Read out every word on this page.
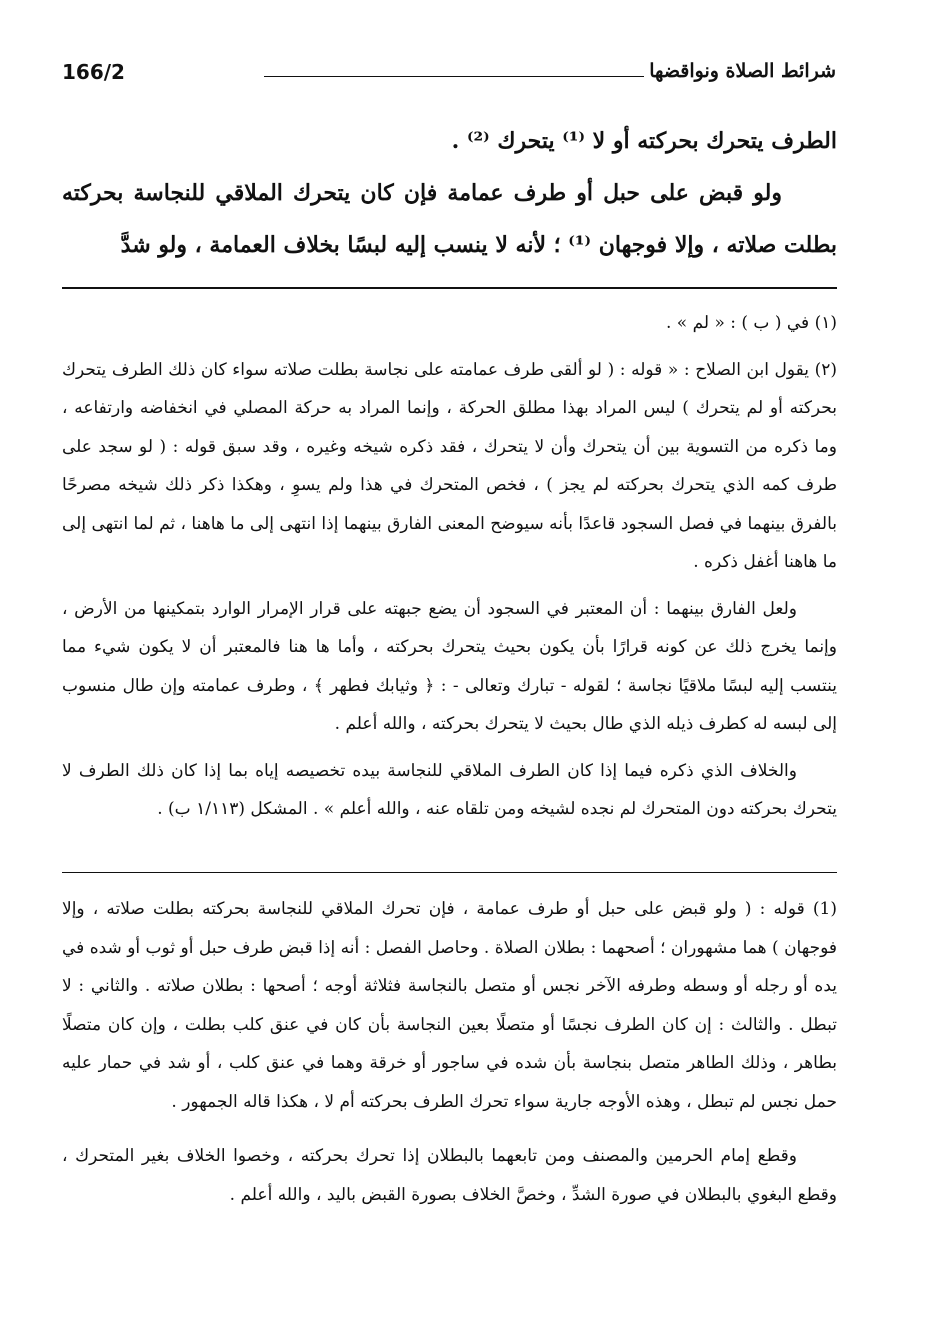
166/2	شرائط الصلاة ونواقضها

الطرف يتحرك بحركته أو لا ⁽¹⁾ يتحرك ⁽²⁾ .

ولو قبض على حبل أو طرف عمامة فإن كان يتحرك الملاقي للنجاسة بحركته بطلت صلاته ، وإلا فوجهان ⁽¹⁾ ؛ لأنه لا ينسب إليه لبسًا بخلاف العمامة ، ولو شدَّ

(١) في ( ب ) : « لم » .

(٢) يقول ابن الصلاح : « قوله : ( لو ألقى طرف عمامته على نجاسة بطلت صلاته سواء كان ذلك الطرف يتحرك بحركته أو لم يتحرك ) ليس المراد بهذا مطلق الحركة ، وإنما المراد به حركة المصلي في انخفاضه وارتفاعه ، وما ذكره من التسوية بين أن يتحرك وأن لا يتحرك ، فقد ذكره شيخه وغيره ، وقد سبق قوله : ( لو سجد على طرف كمه الذي يتحرك بحركته لم يجز ) ، فخص المتحرك في هذا ولم يسوِ ، وهكذا ذكر ذلك شيخه مصرحًا بالفرق بينهما في فصل السجود قاعدًا بأنه سيوضح المعنى الفارق بينهما إذا انتهى إلى ما هاهنا ، ثم لما انتهى إلى ما هاهنا أغفل ذكره .

ولعل الفارق بينهما : أن المعتبر في السجود أن يضع جبهته على قرار الإمرار الوارد بتمكينها من الأرض ، وإنما يخرج ذلك عن كونه قرارًا بأن يكون بحيث يتحرك بحركته ، وأما ها هنا فالمعتبر أن لا يكون شيء مما ينتسب إليه لبسًا ملاقيًا نجاسة ؛ لقوله - تبارك وتعالى - : ﴿ وثيابك فطهر ﴾ ، وطرف عمامته وإن طال منسوب إلى لبسه له كطرف ذيله الذي طال بحيث لا يتحرك بحركته ، والله أعلم .

والخلاف الذي ذكره فيما إذا كان الطرف الملاقي للنجاسة بيده تخصيصه إياه بما إذا كان ذلك الطرف لا يتحرك بحركته دون المتحرك لم نجده لشيخه ومن تلقاه عنه ، والله أعلم » . المشكل (١/١١٣ ب) .

(1) قوله : ( ولو قبض على حبل أو طرف عمامة ، فإن تحرك الملاقي للنجاسة بحركته بطلت صلاته ، وإلا فوجهان ) هما مشهوران ؛ أصحهما : بطلان الصلاة . وحاصل الفصل : أنه إذا قبض طرف حبل أو ثوب أو شده في يده أو رجله أو وسطه وطرفه الآخر نجس أو متصل بالنجاسة فثلاثة أوجه ؛ أصحها : بطلان صلاته . والثاني : لا تبطل . والثالث : إن كان الطرف نجسًا أو متصلًا بعين النجاسة بأن كان في عنق كلب بطلت ، وإن كان متصلًا بطاهر ، وذلك الطاهر متصل بنجاسة بأن شده في ساجور أو خرقة وهما في عنق كلب ، أو شد في حمار عليه حمل نجس لم تبطل ، وهذه الأوجه جارية سواء تحرك الطرف بحركته أم لا ، هكذا قاله الجمهور .

وقطع إمام الحرمين والمصنف ومن تابعهما بالبطلان إذا تحرك بحركته ، وخصوا الخلاف بغير المتحرك ، وقطع البغوي بالبطلان في صورة الشدِّ ، وخصَّ الخلاف بصورة القبض باليد ، والله أعلم .
